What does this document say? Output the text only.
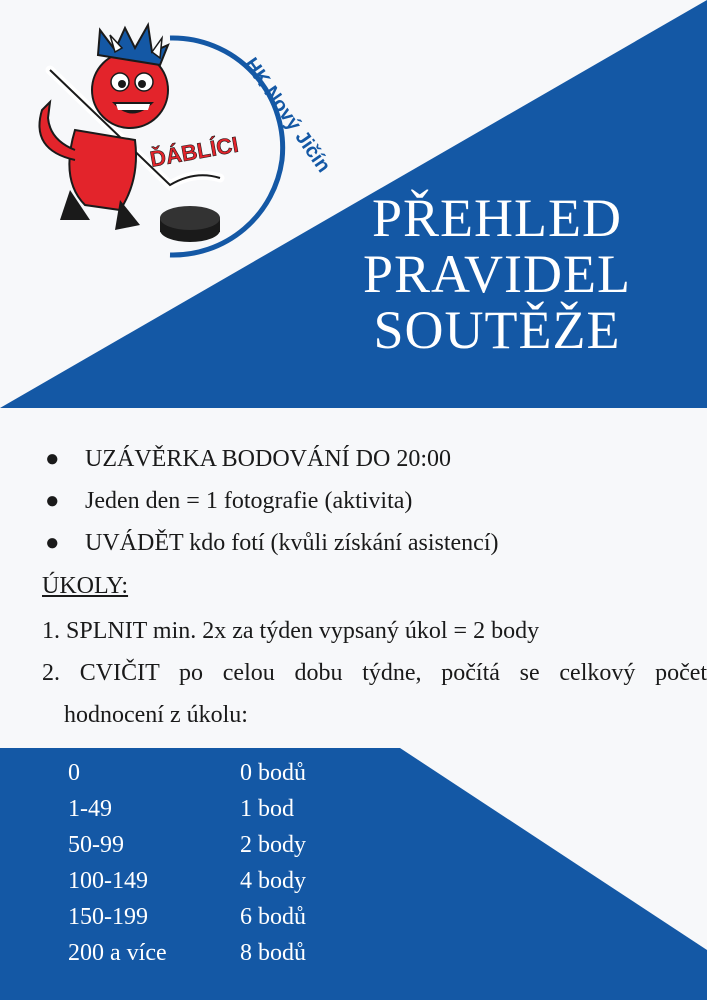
HK Nový Jičín
ĎÁBLÍCI
PŘEHLED
PRAVIDEL
SOUTĚŽE
● UZÁVĚRKA BODOVÁNÍ DO 20:00
● Jeden den = 1 fotografie (aktivita)
● UVÁDĚT kdo fotí (kvůli získání asistencí)
ÚKOLY:
1. SPLNIT min. 2x za týden vypsaný úkol = 2 body
2. CVIČIT po celou dobu týdne, počítá se celkový počet
hodnocení z úkolu:
0	0 bodů
1-49	1 bod
50-99	2 body
100-149	4 body
150-199	6 bodů
200 a více	8 bodů
